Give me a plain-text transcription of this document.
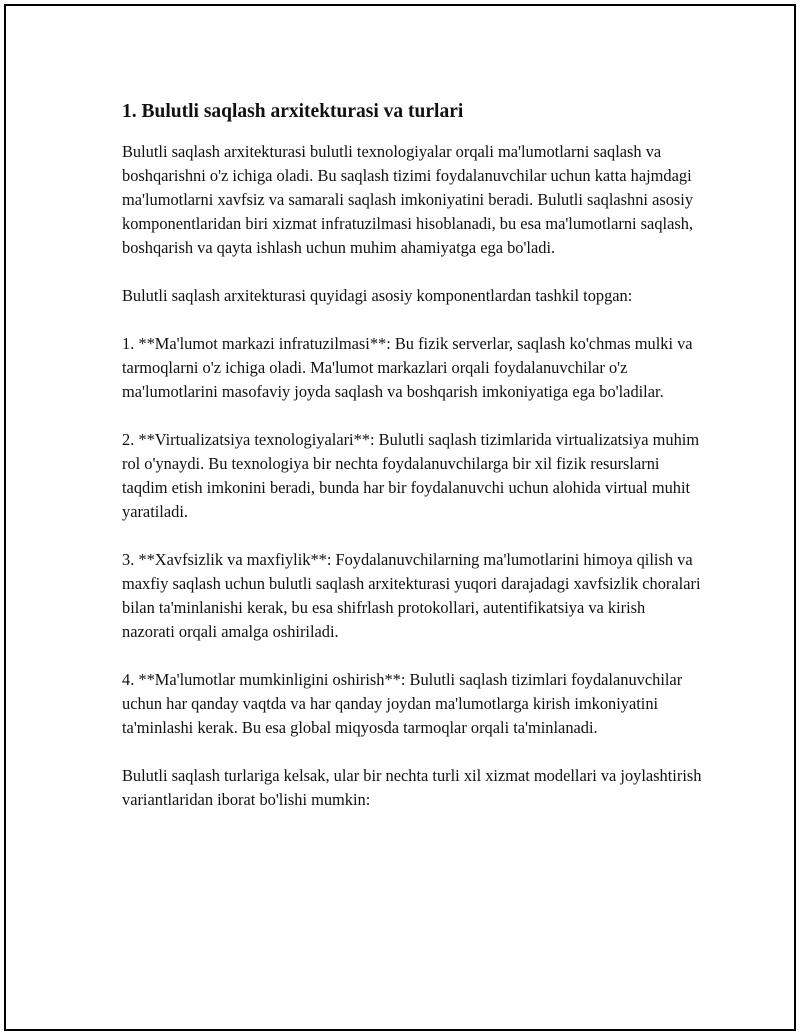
1. Bulutli saqlash arxitekturasi va turlari

Bulutli saqlash arxitekturasi bulutli texnologiyalar orqali ma'lumotlarni saqlash va boshqarishni o'z ichiga oladi. Bu saqlash tizimi foydalanuvchilar uchun katta hajmdagi ma'lumotlarni xavfsiz va samarali saqlash imkoniyatini beradi. Bulutli saqlashni asosiy komponentlaridan biri xizmat infratuzilmasi hisoblanadi, bu esa ma'lumotlarni saqlash, boshqarish va qayta ishlash uchun muhim ahamiyatga ega bo'ladi.

Bulutli saqlash arxitekturasi quyidagi asosiy komponentlardan tashkil topgan:

1. **Ma'lumot markazi infratuzilmasi**: Bu fizik serverlar, saqlash ko'chmas mulki va tarmoqlarni o'z ichiga oladi. Ma'lumot markazlari orqali foydalanuvchilar o'z ma'lumotlarini masofaviy joyda saqlash va boshqarish imkoniyatiga ega bo'ladilar.

2. **Virtualizatsiya texnologiyalari**: Bulutli saqlash tizimlarida virtualizatsiya muhim rol o'ynaydi. Bu texnologiya bir nechta foydalanuvchilarga bir xil fizik resurslarni taqdim etish imkonini beradi, bunda har bir foydalanuvchi uchun alohida virtual muhit yaratiladi.

3. **Xavfsizlik va maxfiylik**: Foydalanuvchilarning ma'lumotlarini himoya qilish va maxfiy saqlash uchun bulutli saqlash arxitekturasi yuqori darajadagi xavfsizlik choralari bilan ta'minlanishi kerak, bu esa shifrlash protokollari, autentifikatsiya va kirish nazorati orqali amalga oshiriladi.

4. **Ma'lumotlar mumkinligini oshirish**: Bulutli saqlash tizimlari foydalanuvchilar uchun har qanday vaqtda va har qanday joydan ma'lumotlarga kirish imkoniyatini ta'minlashi kerak. Bu esa global miqyosda tarmoqlar orqali ta'minlanadi.

Bulutli saqlash turlariga kelsak, ular bir nechta turli xil xizmat modellari va joylashtirish variantlaridan iborat bo'lishi mumkin:
